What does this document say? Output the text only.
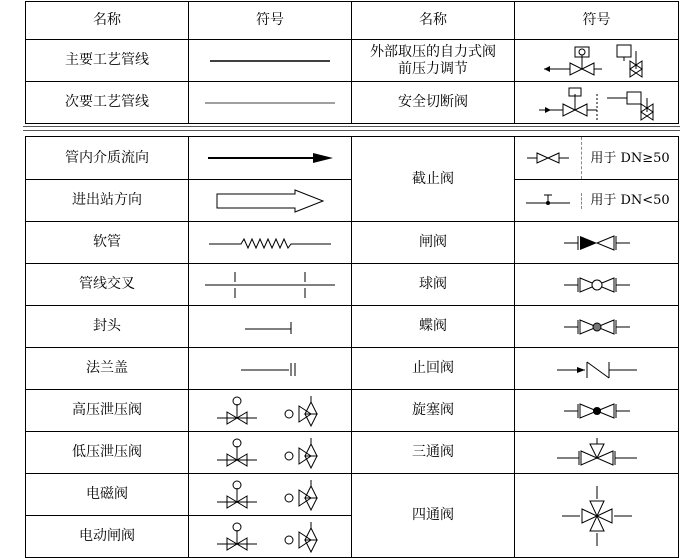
名称	符号	名称	符号
主要工艺管线		外部取压的自力式阀前压力调节

次要工艺管线		安全切断阀	
管内介质流向		截止阀	用于 DN≥50

进出站方向			用于 DN<50

软管		闸阀	

管线交叉		球阀	

封头		蝶阀	

法兰盖		止回阀	

高压泄压阀		旋塞阀	

低压泄压阀		三通阀	

电磁阀		四通阀	

电动闸阀	
